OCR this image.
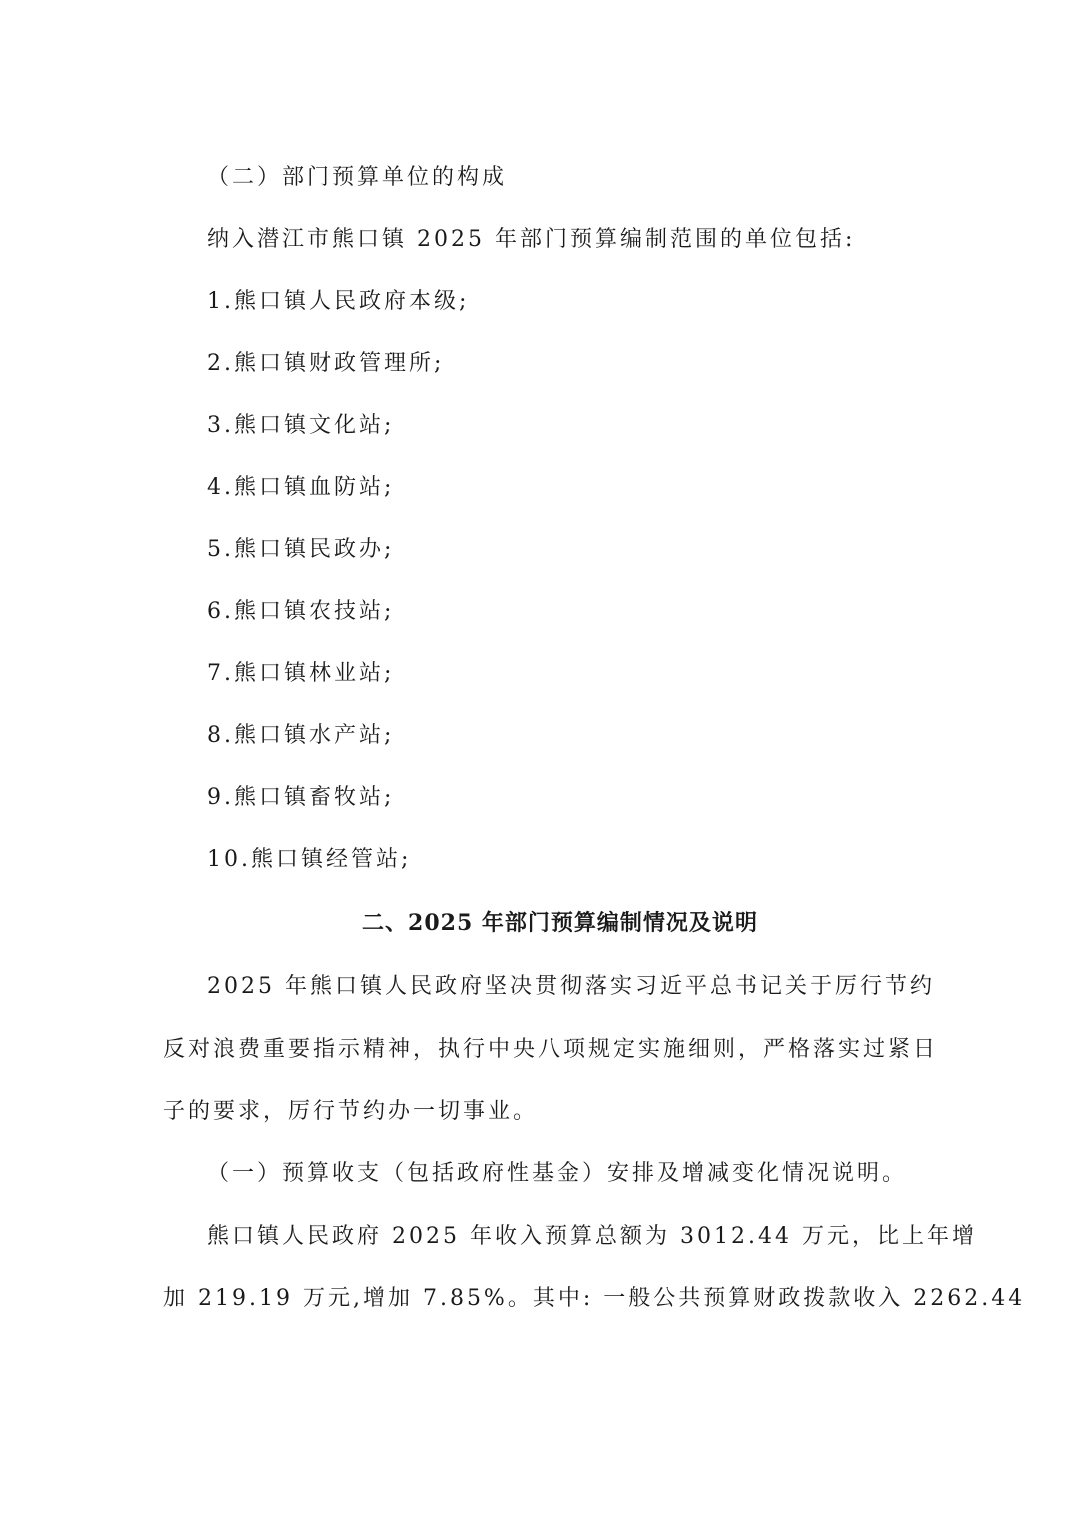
（二）部门预算单位的构成
纳入潜江市熊口镇 2025 年部门预算编制范围的单位包括:
1.熊口镇人民政府本级;
2.熊口镇财政管理所;
3.熊口镇文化站;
4.熊口镇血防站;
5.熊口镇民政办;
6.熊口镇农技站;
7.熊口镇林业站;
8.熊口镇水产站;
9.熊口镇畜牧站;
10.熊口镇经管站;
二、2025 年部门预算编制情况及说明
2025 年熊口镇人民政府坚决贯彻落实习近平总书记关于厉行节约
反对浪费重要指示精神，执行中央八项规定实施细则，严格落实过紧日
子的要求，厉行节约办一切事业。
（一）预算收支（包括政府性基金）安排及增减变化情况说明。
熊口镇人民政府 2025 年收入预算总额为 3012.44 万元，比上年增
加 219.19 万元,增加 7.85%。其中: 一般公共预算财政拨款收入 2262.44
